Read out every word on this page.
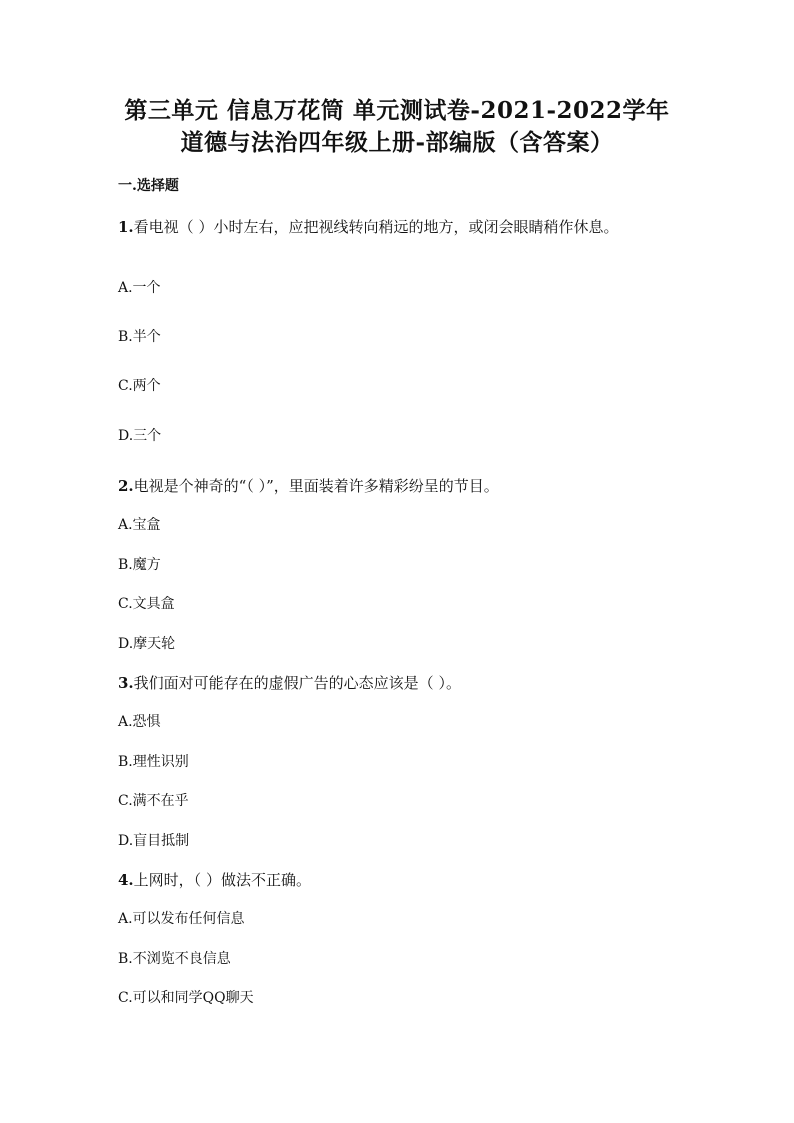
第三单元 信息万花筒 单元测试卷-2021-2022学年
道德与法治四年级上册-部编版（含答案）
一.选择题
1.看电视（ ）小时左右，应把视线转向稍远的地方，或闭会眼睛稍作休息。
A.一个
B.半个
C.两个
D.三个
2.电视是个神奇的“（ ）”，里面装着许多精彩纷呈的节目。
A.宝盒
B.魔方
C.文具盒
D.摩天轮
3.我们面对可能存在的虚假广告的心态应该是（ ）。
A.恐惧
B.理性识别
C.满不在乎
D.盲目抵制
4.上网时，（ ）做法不正确。
A.可以发布任何信息
B.不浏览不良信息
C.可以和同学QQ聊天
